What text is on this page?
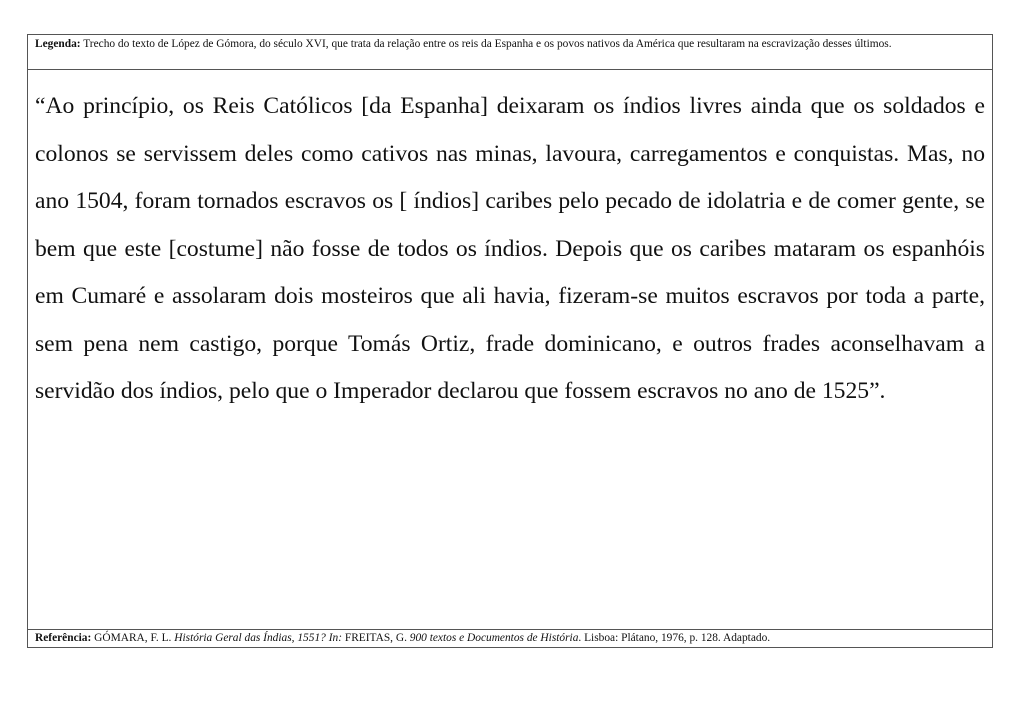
Legenda: Trecho do texto de López de Gómora, do século XVI, que trata da relação entre os reis da Espanha e os povos nativos da América que resultaram na escravização desses últimos.

“Ao princípio, os Reis Católicos [da Espanha] deixaram os índios livres ainda que os soldados e colonos se servissem deles como cativos nas minas, lavoura, carregamentos e conquistas. Mas, no ano 1504, foram tornados escravos os [ índios] caribes pelo pecado de idolatria e de comer gente, se bem que este [costume] não fosse de todos os índios. Depois que os caribes mataram os espanhóis em Cumaré e assolaram dois mosteiros que ali havia, fizeram-se muitos escravos por toda a parte, sem pena nem castigo, porque Tomás Ortiz, frade dominicano, e outros frades aconselhavam a servidão dos índios, pelo que o Imperador declarou que fossem escravos no ano de 1525”.

Referência: GÓMARA, F. L. História Geral das Índias, 1551? In: FREITAS, G. 900 textos e Documentos de História. Lisboa: Plátano, 1976, p. 128. Adaptado.
